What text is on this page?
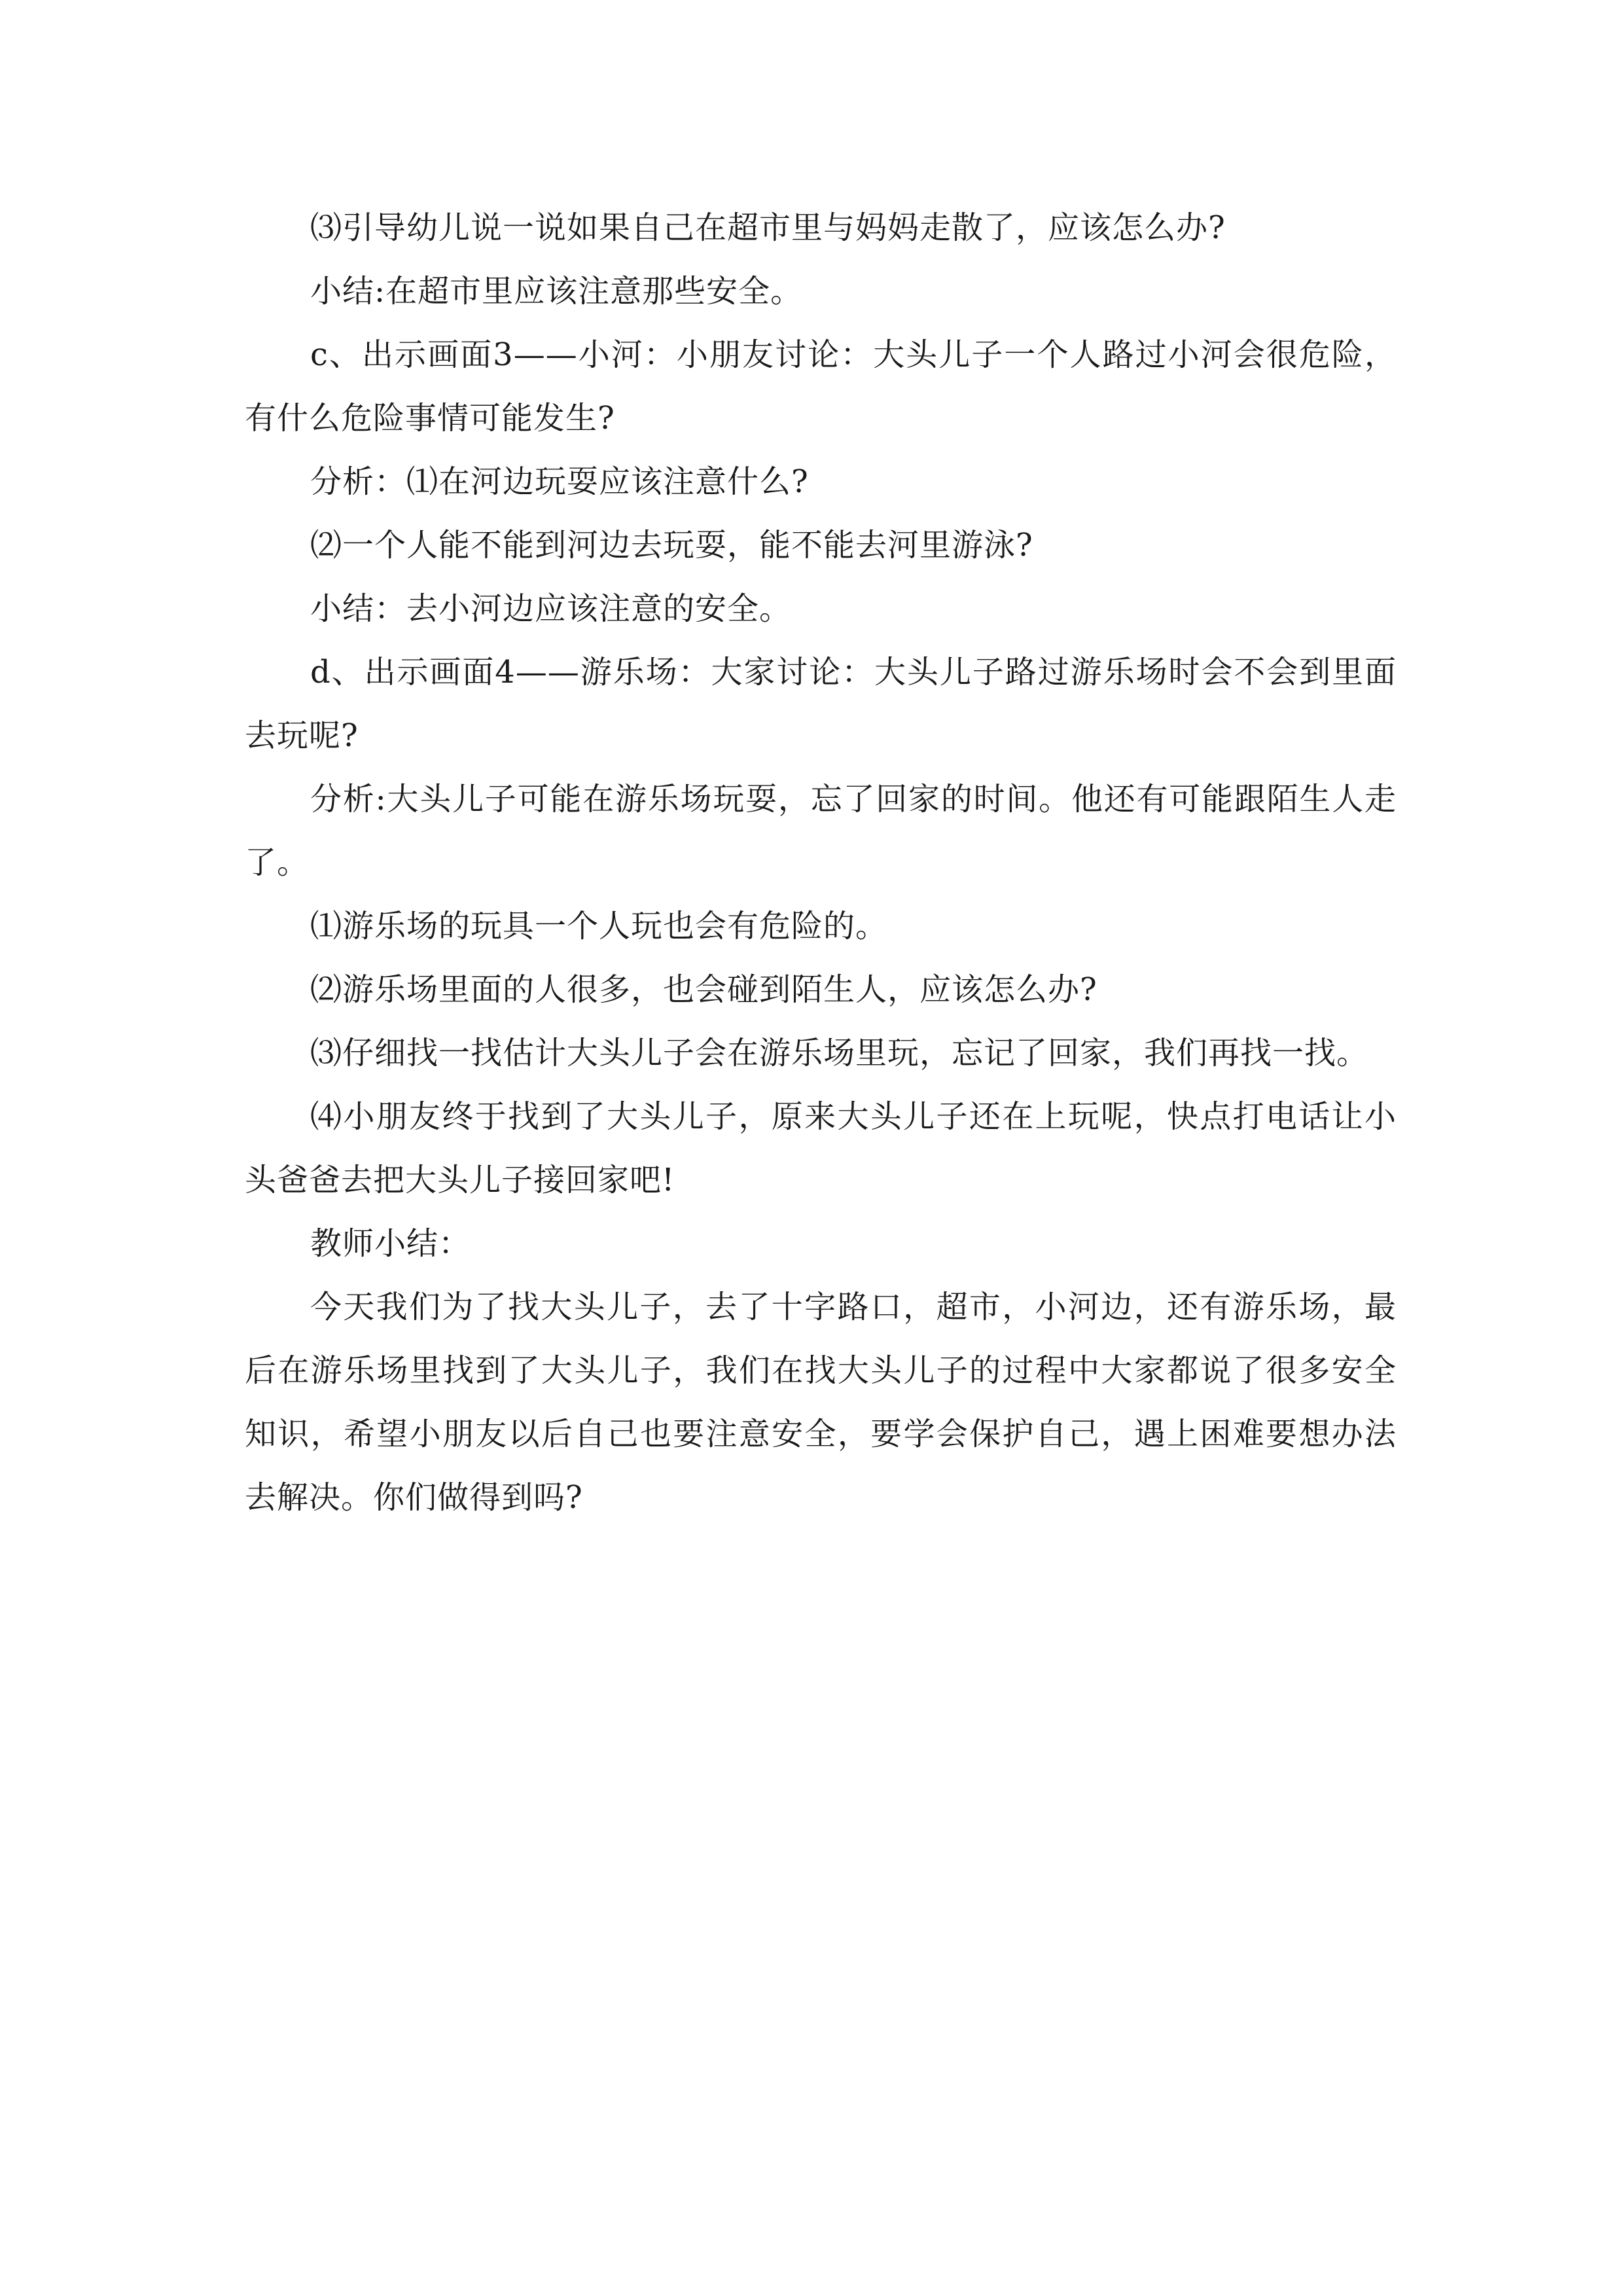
⑶引导幼儿说一说如果自己在超市里与妈妈走散了，应该怎么办?

小结:在超市里应该注意那些安全。

c、出示画面3——小河：小朋友讨论：大头儿子一个人路过小河会很危险，有什么危险事情可能发生?

分析：⑴在河边玩耍应该注意什么?

⑵一个人能不能到河边去玩耍，能不能去河里游泳?

小结：去小河边应该注意的安全。

d、出示画面4——游乐场：大家讨论：大头儿子路过游乐场时会不会到里面去玩呢?

分析:大头儿子可能在游乐场玩耍，忘了回家的时间。他还有可能跟陌生人走了。

⑴游乐场的玩具一个人玩也会有危险的。

⑵游乐场里面的人很多，也会碰到陌生人，应该怎么办?

⑶仔细找一找估计大头儿子会在游乐场里玩，忘记了回家，我们再找一找。

⑷小朋友终于找到了大头儿子，原来大头儿子还在上玩呢，快点打电话让小头爸爸去把大头儿子接回家吧!

教师小结：

今天我们为了找大头儿子，去了十字路口，超市，小河边，还有游乐场，最后在游乐场里找到了大头儿子，我们在找大头儿子的过程中大家都说了很多安全知识，希望小朋友以后自己也要注意安全，要学会保护自己，遇上困难要想办法去解决。你们做得到吗?
